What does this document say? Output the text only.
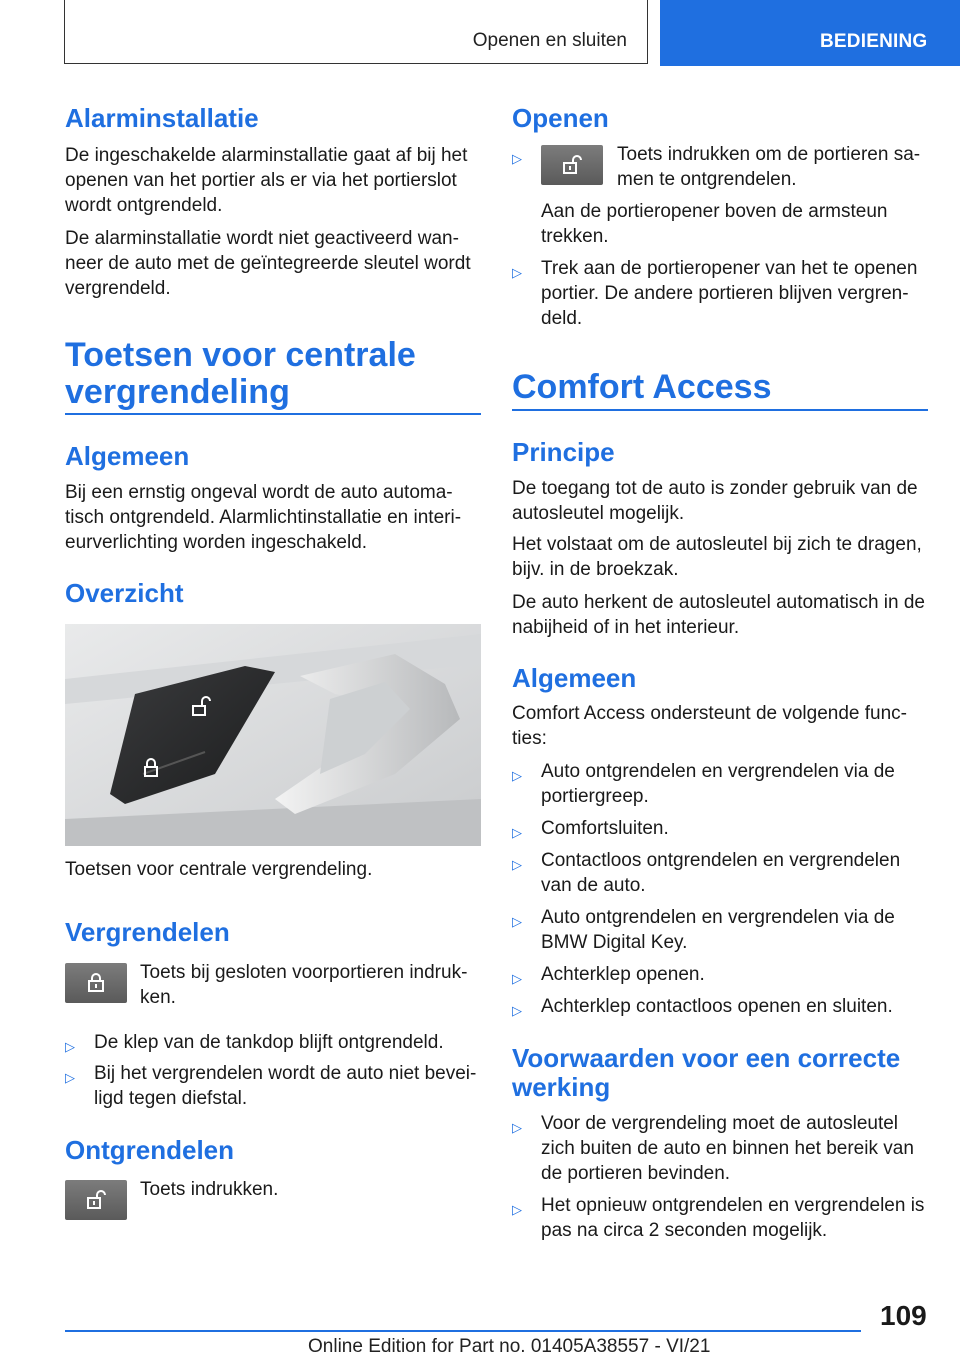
Openen en sluiten	BEDIENING
Alarminstallatie

De ingeschakelde alarminstallatie gaat af bij het openen van het portier als er via het portierslot wordt ontgrendeld.

De alarminstallatie wordt niet geactiveerd wan‐neer de auto met de geïntegreerde sleutel wordt vergrendeld.

Toetsen voor centrale vergrendeling
Algemeen

Bij een ernstig ongeval wordt de auto automa‐tisch ontgrendeld. Alarmlichtinstallatie en interi‐eurverlichting worden ingeschakeld.

Overzicht

Toetsen voor centrale vergrendeling.

Vergrendelen

Toets bij gesloten voorportieren indruk‐ken.

▷ De klep van de tankdop blijft ontgrendeld.
▷ Bij het vergrendelen wordt de auto niet bevei‐ligd tegen diefstal.
Ontgrendelen

Toets indrukken.

Openen
▷	Toets indrukken om de portieren sa‐men te ontgrendelen.

Aan de portieropener boven de armsteun trekken.

▷ Trek aan de portieropener van het te openen portier. De andere portieren blijven vergren‐deld.
Comfort Access
Principe

De toegang tot de auto is zonder gebruik van de autosleutel mogelijk.

Het volstaat om de autosleutel bij zich te dragen, bijv. in de broekzak.

De auto herkent de autosleutel automatisch in de nabijheid of in het interieur.

Algemeen

Comfort Access ondersteunt de volgende func‐ties:

▷ Auto ontgrendelen en vergrendelen via de portiergreep.
▷ Comfortsluiten.
▷ Contactloos ontgrendelen en vergrendelen van de auto.
▷ Auto ontgrendelen en vergrendelen via de BMW Digital Key.
▷ Achterklep openen.
▷ Achterklep contactloos openen en sluiten.
Voorwaarden voor een correcte werking
▷ Voor de vergrendeling moet de autosleutel zich buiten de auto en binnen het bereik van de portieren bevinden.
▷ Het opnieuw ontgrendelen en vergrendelen is pas na circa 2 seconden mogelijk.
109
Online Edition for Part no. 01405A38557 - VI/21
